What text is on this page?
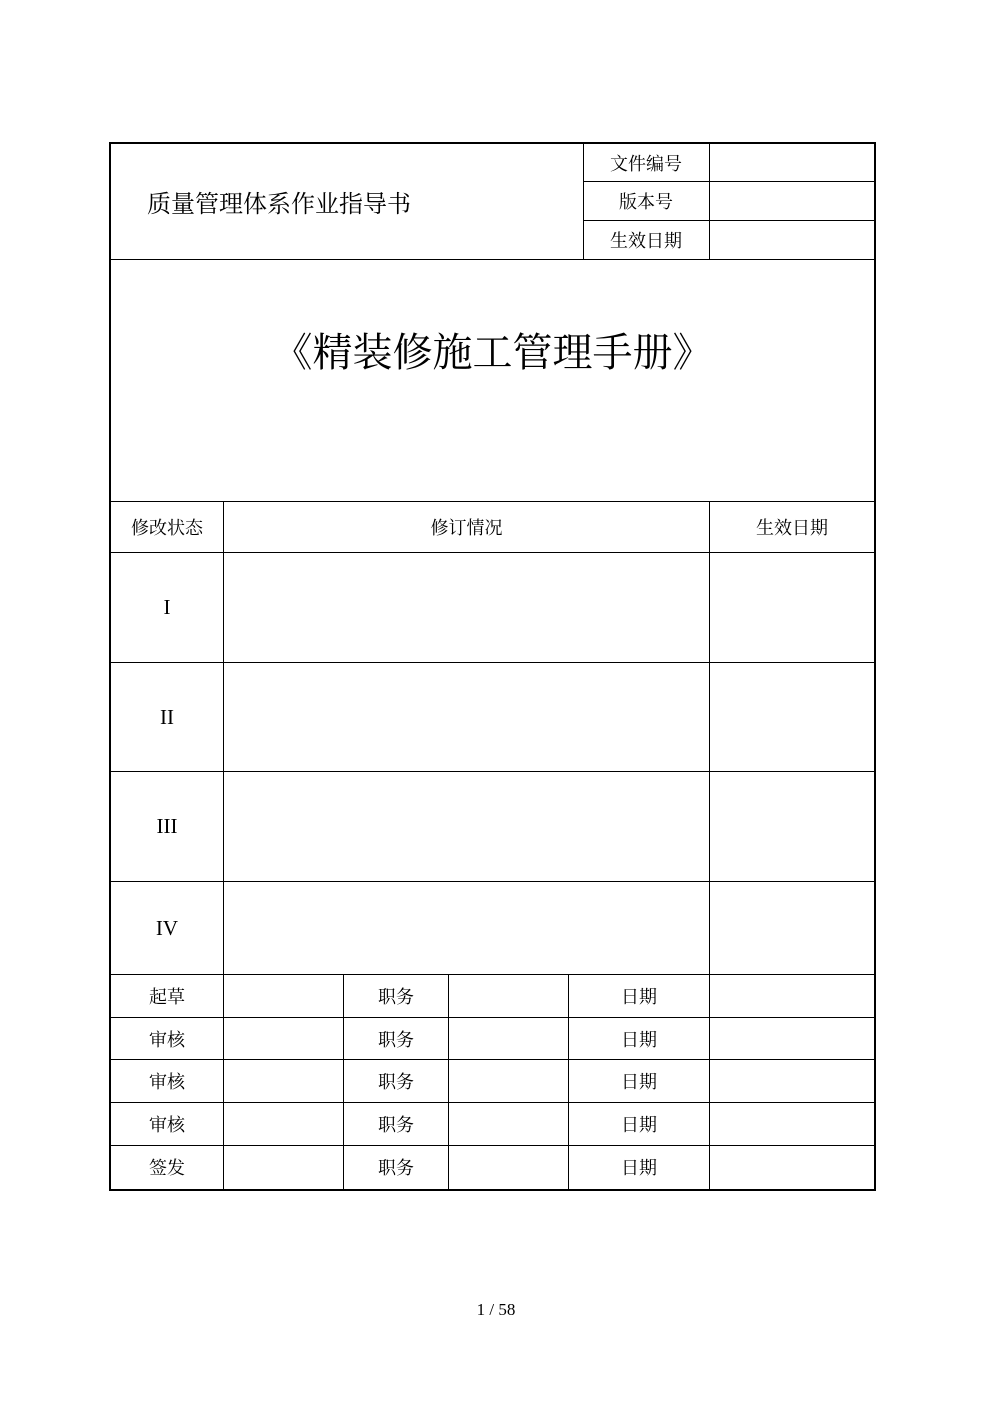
质量管理体系作业指导书
文件编号
版本号
生效日期
《精装修施工管理手册》
修改状态	修订情况	生效日期
I
II
III
IV
起草	职务	日期
审核	职务	日期
审核	职务	日期
审核	职务	日期
签发	职务	日期
1 / 58
